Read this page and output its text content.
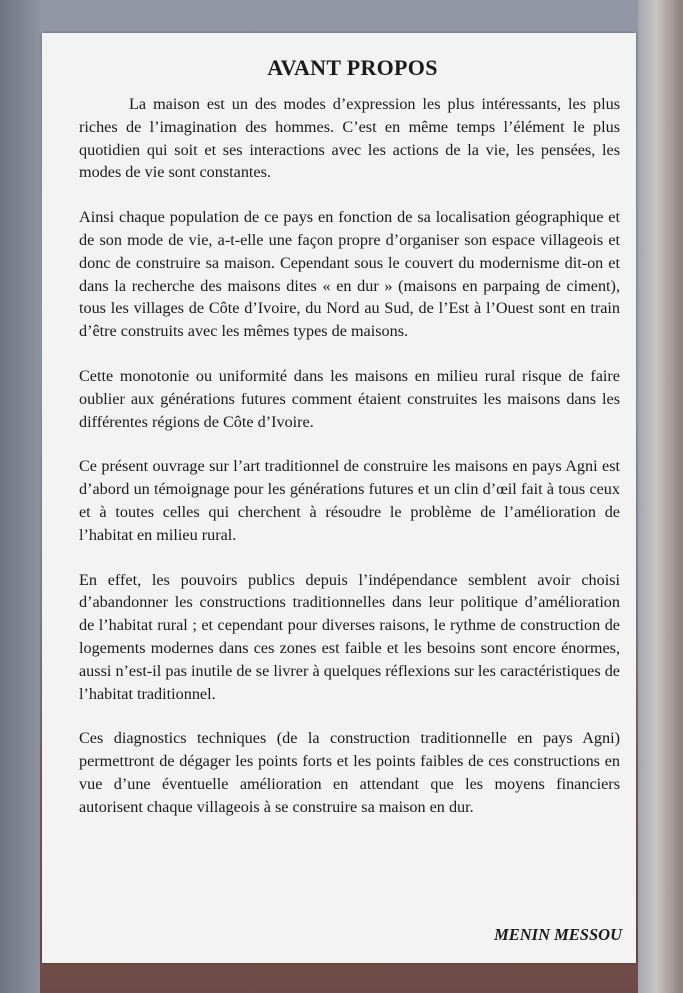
AVANT PROPOS

La maison est un des modes d’expression les plus intéressants, les plus riches de l’imagination des hommes. C’est en même temps l’élément le plus quotidien qui soit et ses interactions avec les actions de la vie, les pensées, les modes de vie sont constantes.

Ainsi chaque population de ce pays en fonction de sa localisation géographique et de son mode de vie, a-t-elle une façon propre d’organiser son espace villageois et donc de construire sa maison. Cependant sous le couvert du modernisme dit-on et dans la recherche des maisons dites « en dur » (maisons en parpaing de ciment), tous les villages de Côte d’Ivoire, du Nord au Sud, de l’Est à l’Ouest sont en train d’être construits avec les mêmes types de maisons.

Cette monotonie ou uniformité dans les maisons en milieu rural risque de faire oublier aux générations futures comment étaient construites les maisons dans les différentes régions de Côte d’Ivoire.

Ce présent ouvrage sur l’art traditionnel de construire les maisons en pays Agni est d’abord un témoignage pour les générations futures et un clin d’œil fait à tous ceux et à toutes celles qui cherchent à résoudre le problème de l’amélioration de l’habitat en milieu rural.

En effet, les pouvoirs publics depuis l’indépendance semblent avoir choisi d’abandonner les constructions traditionnelles dans leur politique d’amélioration de l’habitat rural ; et cependant pour diverses raisons, le rythme de construction de logements modernes dans ces zones est faible et les besoins sont encore énormes, aussi n’est-il pas inutile de se livrer à quelques réflexions sur les caractéristiques de l’habitat traditionnel.

Ces diagnostics techniques (de la construction traditionnelle en pays Agni) permettront de dégager les points forts et les points faibles de ces constructions en vue d’une éventuelle amélioration en attendant que les moyens financiers autorisent chaque villageois à se construire sa maison en dur.

MENIN MESSOU
